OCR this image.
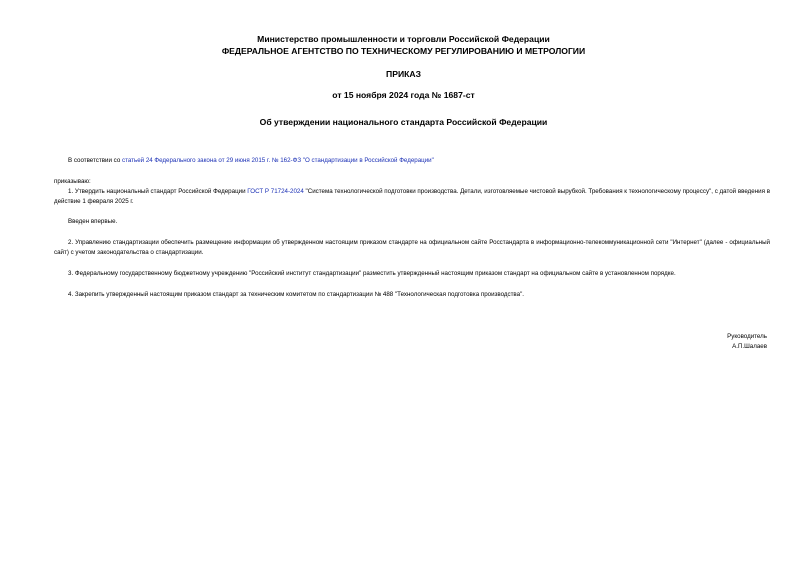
Министерство промышленности и торговли Российской Федерации
ФЕДЕРАЛЬНОЕ АГЕНТСТВО ПО ТЕХНИЧЕСКОМУ РЕГУЛИРОВАНИЮ И МЕТРОЛОГИИ
ПРИКАЗ
от 15 ноября 2024 года № 1687-ст
Об утверждении национального стандарта Российской Федерации
В соответствии со статьей 24 Федерального закона от 29 июня 2015 г. № 162-ФЗ "О стандартизации в Российской Федерации"
приказываю:
1. Утвердить национальный стандарт Российской Федерации ГОСТ Р 71724-2024 "Система технологической подготовки производства. Детали, изготовляемые чистовой вырубкой. Требования к технологическому процессу", с датой введения в действие 1 февраля 2025 г.
Введен впервые.
2. Управлению стандартизации обеспечить размещение информации об утвержденном настоящим приказом стандарте на официальном сайте Росстандарта в информационно-телекоммуникационной сети "Интернет" (далее - официальный сайт) с учетом законодательства о стандартизации.
3. Федеральному государственному бюджетному учреждению "Российский институт стандартизации" разместить утвержденный настоящим приказом стандарт на официальном сайте в установленном порядке.
4. Закрепить утвержденный настоящим приказом стандарт за техническим комитетом по стандартизации № 488 "Технологическая подготовка производства".
Руководитель
А.П.Шалаев
